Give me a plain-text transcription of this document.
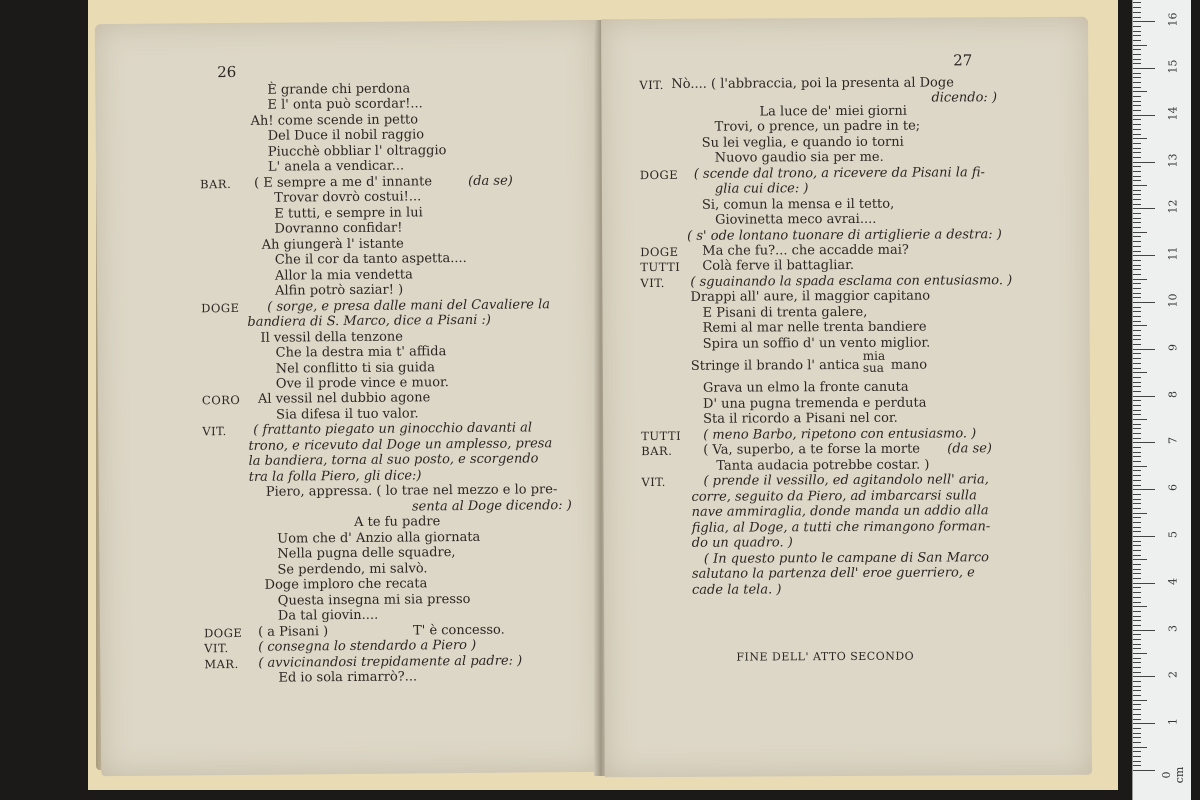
26
È grande chi perdona
E l' onta può scordar!...
Ah! come scende in petto
Del Duce il nobil raggio
Piucchè obbliar l' oltraggio
L' anela a vendicar...
BAR. ( E sempre a me d' innante	(da se)
Trovar dovrò costui!...
E tutti, e sempre in lui
Dovranno confidar!
Ah giungerà l' istante
Che il cor da tanto aspetta....
Allor la mia vendetta
Alfin potrò saziar! )
DOGE ( sorge, e presa dalle mani del Cavaliere la
bandiera di S. Marco, dice a Pisani :)
Il vessil della tenzone
Che la destra mia t' affida
Nel conflitto ti sia guida
Ove il prode vince e muor.
CORO Al vessil nel dubbio agone
Sia difesa il tuo valor.
VIT. ( frattanto piegato un ginocchio davanti al
trono, e ricevuto dal Doge un amplesso, presa
la bandiera, torna al suo posto, e scorgendo
tra la folla Piero, gli dice:)
Piero, appressa. ( lo trae nel mezzo e lo pre-
senta al Doge dicendo: )
A te fu padre
Uom che d' Anzio alla giornata
Nella pugna delle squadre,
Se perdendo, mi salvò.
Doge imploro che recata
Questa insegna mi sia presso
Da tal giovin....
DOGE ( a Pisani )	T' è concesso.
VIT. ( consegna lo stendardo a Piero )
MAR. ( avvicinandosi trepidamente al padre: )
Ed io sola rimarrò?...
27
VIT. Nò.... ( l'abbraccia, poi la presenta al Doge
dicendo: )
La luce de' miei giorni
Trovi, o prence, un padre in te;
Su lei veglia, e quando io torni
Nuovo gaudio sia per me.
DOGE ( scende dal trono, a ricevere da Pisani la fi-
glia cui dice: )
Si, comun la mensa e il tetto,
Giovinetta meco avrai....
( s' ode lontano tuonare di artiglierie a destra: )
DOGE Ma che fu?... che accadde mai?
TUTTI Colà ferve il battagliar.
VIT. ( sguainando la spada esclama con entusiasmo. )
Drappi all' aure, il maggior capitano
E Pisani di trenta galere,
Remi al mar nelle trenta bandiere
Spira un soffio d' un vento miglior.
Stringe il brando l' antica
mia
sua mano
Grava un elmo la fronte canuta
D' una pugna tremenda e perduta
Sta il ricordo a Pisani nel cor.
TUTTI ( meno Barbo, ripetono con entusiasmo. )
BAR. ( Va, superbo, a te forse la morte (da se)
Tanta audacia potrebbe costar. )
VIT.	( prende il vessillo, ed agitandolo nell' aria,
corre, seguito da Piero, ad imbarcarsi sulla
nave ammiraglia, donde manda un addio alla
figlia, al Doge, a tutti che rimangono forman-
do un quadro. )
( In questo punto le campane di San Marco
salutano la partenza dell' eroe guerriero, e
cade la tela. )
FINE DELL' ATTO SECONDO
0 cm
1
2
3
4
5
6
7
8
9
10
11
12
13
14
15
16
